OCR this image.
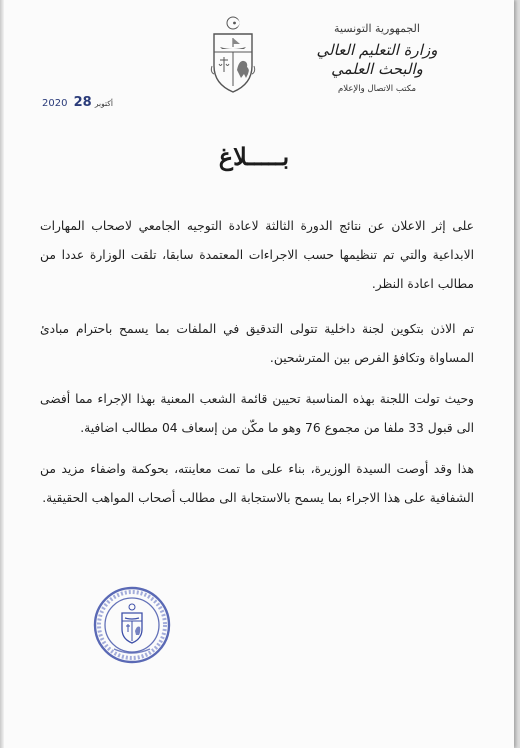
الجمهورية التونسية
وزارة التعليم العالي
والبحث العلمي
مكتب الاتصال والإعلام
2020	أكتوبر 28
بـــــلاغ

على إثر الاعلان عن نتائج الدورة الثالثة لاعادة التوجيه الجامعي لاصحاب المهارات الابداعية والتي تم تنظيمها حسب الاجراءات المعتمدة سابقا، تلقت الوزارة عددا من مطالب اعادة النظر.

تم الاذن بتكوين لجنة داخلية تتولى التدقيق في الملفات بما يسمح باحترام مبادئ المساواة وتكافؤ الفرص بين المترشحين.

وحيث تولت اللجنة بهذه المناسبة تحيين قائمة الشعب المعنية بهذا الإجراء مما أفضى الى قبول 33 ملفا من مجموع 76 وهو ما مكّن من إسعاف 04 مطالب اضافية.

هذا وقد أوصت السيدة الوزيرة، بناء على ما تمت معاينته، بحوكمة واضفاء مزيد من الشفافية على هذا الاجراء بما يسمح بالاستجابة الى مطالب أصحاب المواهب الحقيقية.
